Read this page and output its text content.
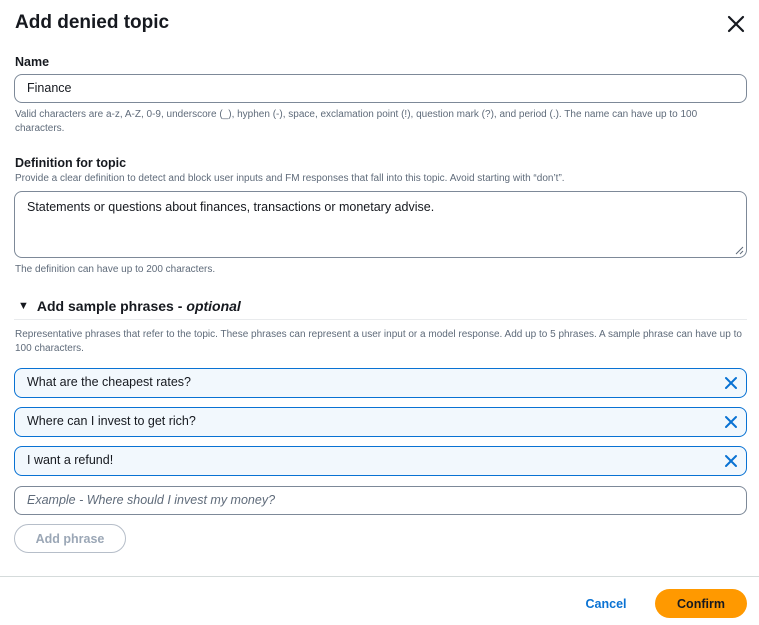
Add denied topic
Name
Finance
Valid characters are a-z, A-Z, 0-9, underscore (_), hyphen (-), space, exclamation point (!), question mark (?), and period (.). The name can have up to 100 characters.
Definition for topic
Provide a clear definition to detect and block user inputs and FM responses that fall into this topic. Avoid starting with “don’t”.
Statements or questions about finances, transactions or monetary advise.
The definition can have up to 200 characters.
▼ Add sample phrases - optional
Representative phrases that refer to the topic. These phrases can represent a user input or a model response. Add up to 5 phrases. A sample phrase can have up to 100 characters.
What are the cheapest rates?
Where can I invest to get rich?
I want a refund!
Example - Where should I invest my money?
Add phrase
Cancel	Confirm
